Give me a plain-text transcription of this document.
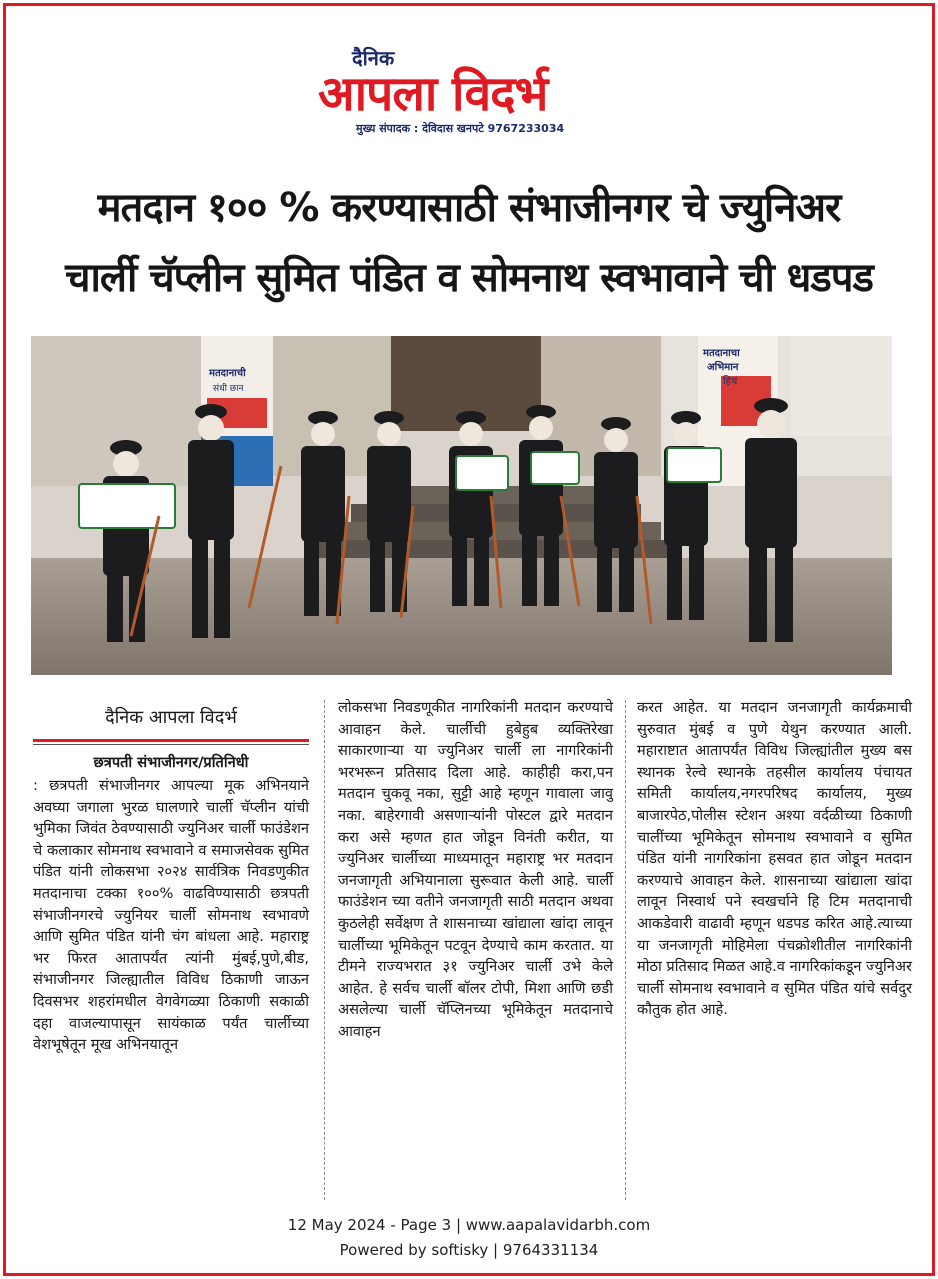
दैनिक
आपला विदर्भ
मुख्य संपादक : देविदास खनपटे 9767233034
मतदान १०० % करण्यासाठी संभाजीनगर चे ज्युनिअर
चार्ली चॅप्लीन सुमित पंडित व सोमनाथ स्वभावाने ची धडपड
मतदानाची
संधी छान
मतदानाचा
अभिमान
हिच
दैनिक आपला विदर्भ
छत्रपती संभाजीनगर/प्रतिनिधी
: छत्रपती संभाजीनगर आपल्या मूक अभिनयाने अवघ्या जगाला भुरळ घालणारे चार्ली चॅप्लीन यांची भुमिका जिवंत ठेवण्यासाठी ज्युनिअर चार्ली फाउंडेशन चे कलाकार सोमनाथ स्वभावाने व समाजसेवक सुमित पंडित यांनी लोकसभा २०२४ सार्वत्रिक निवडणुकीत मतदानाचा टक्का १००% वाढविण्यासाठी छत्रपती संभाजीनगरचे ज्युनियर चार्ली सोमनाथ स्वभावणे आणि सुमित पंडित यांनी चंग बांधला आहे. महाराष्ट्र भर फिरत आतापर्यंत त्यांनी मुंबई,पुणे,बीड, संभाजीनगर जिल्ह्यातील विविध ठिकाणी जाऊन दिवसभर शहरांमधील वेगवेगळ्या ठिकाणी सकाळी दहा वाजल्यापासून सायंकाळ पर्यंत चार्लीच्या वेशभूषेतून मूख अभिनयातून
लोकसभा निवडणूकीत नागरिकांनी मतदान करण्याचे आवाहन केले. चार्लीची हुबेहुब व्यक्तिरेखा साकारणाऱ्या या ज्युनिअर चार्ली ला नागरिकांनी भरभरून प्रतिसाद दिला आहे. काहीही करा,पन मतदान चुकवू नका, सुट्टी आहे म्हणून गावाला जावु नका. बाहेरगावी असणाऱ्यांनी पोस्टल द्वारे मतदान करा असे म्हणत हात जोडून विनंती करीत, या ज्युनिअर चार्लीच्या माध्यमातून महाराष्ट्र भर मतदान जनजागृती अभियानाला सुरूवात केली आहे. चार्ली फाउंडेशन च्या वतीने जनजागृती साठी मतदान अथवा कुठलेही सर्वेक्षण ते शासनाच्या खांद्याला खांदा लावून चार्लीच्या भूमिकेतून पटवून देण्याचे काम करतात. या टीमने राज्यभरात ३१ ज्युनिअर चार्ली उभे केले आहेत. हे सर्वच चार्ली बॉलर टोपी, मिशा आणि छडी असलेल्या चार्ली चॅप्लिनच्या भूमिकेतून मतदानाचे आवाहन
करत आहेत. या मतदान जनजागृती कार्यक्रमाची सुरुवात मुंबई व पुणे येथुन करण्यात आली. महाराष्टात आतापर्यंत विविध जिल्ह्यांतील मुख्य बस स्थानक रेल्वे स्थानके तहसील कार्यालय पंचायत समिती कार्यालय,नगरपरिषद कार्यालय, मुख्य बाजारपेठ,पोलीस स्टेशन अश्या वर्दळीच्या ठिकाणी चालींच्या भूमिकेतून सोमनाथ स्वभावाने व सुमित पंडित यांनी नागरिकांना हसवत हात जोडून मतदान करण्याचे आवाहन केले. शासनाच्या खांद्याला खांदा लावून निस्वार्थ पने स्वखर्चाने हि टिम मतदानाची आकडेवारी वाढावी म्हणून धडपड करित आहे.त्याच्या या जनजागृती मोहिमेला पंचक्रोशीतील नागरिकांनी मोठा प्रतिसाद मिळत आहे.व नागरिकांकडून ज्युनिअर चार्ली सोमनाथ स्वभावाने व सुमित पंडित यांचे सर्वदुर कौतुक होत आहे.
12 May 2024 - Page 3 | www.aapalavidarbh.com
Powered by softisky | 9764331134
